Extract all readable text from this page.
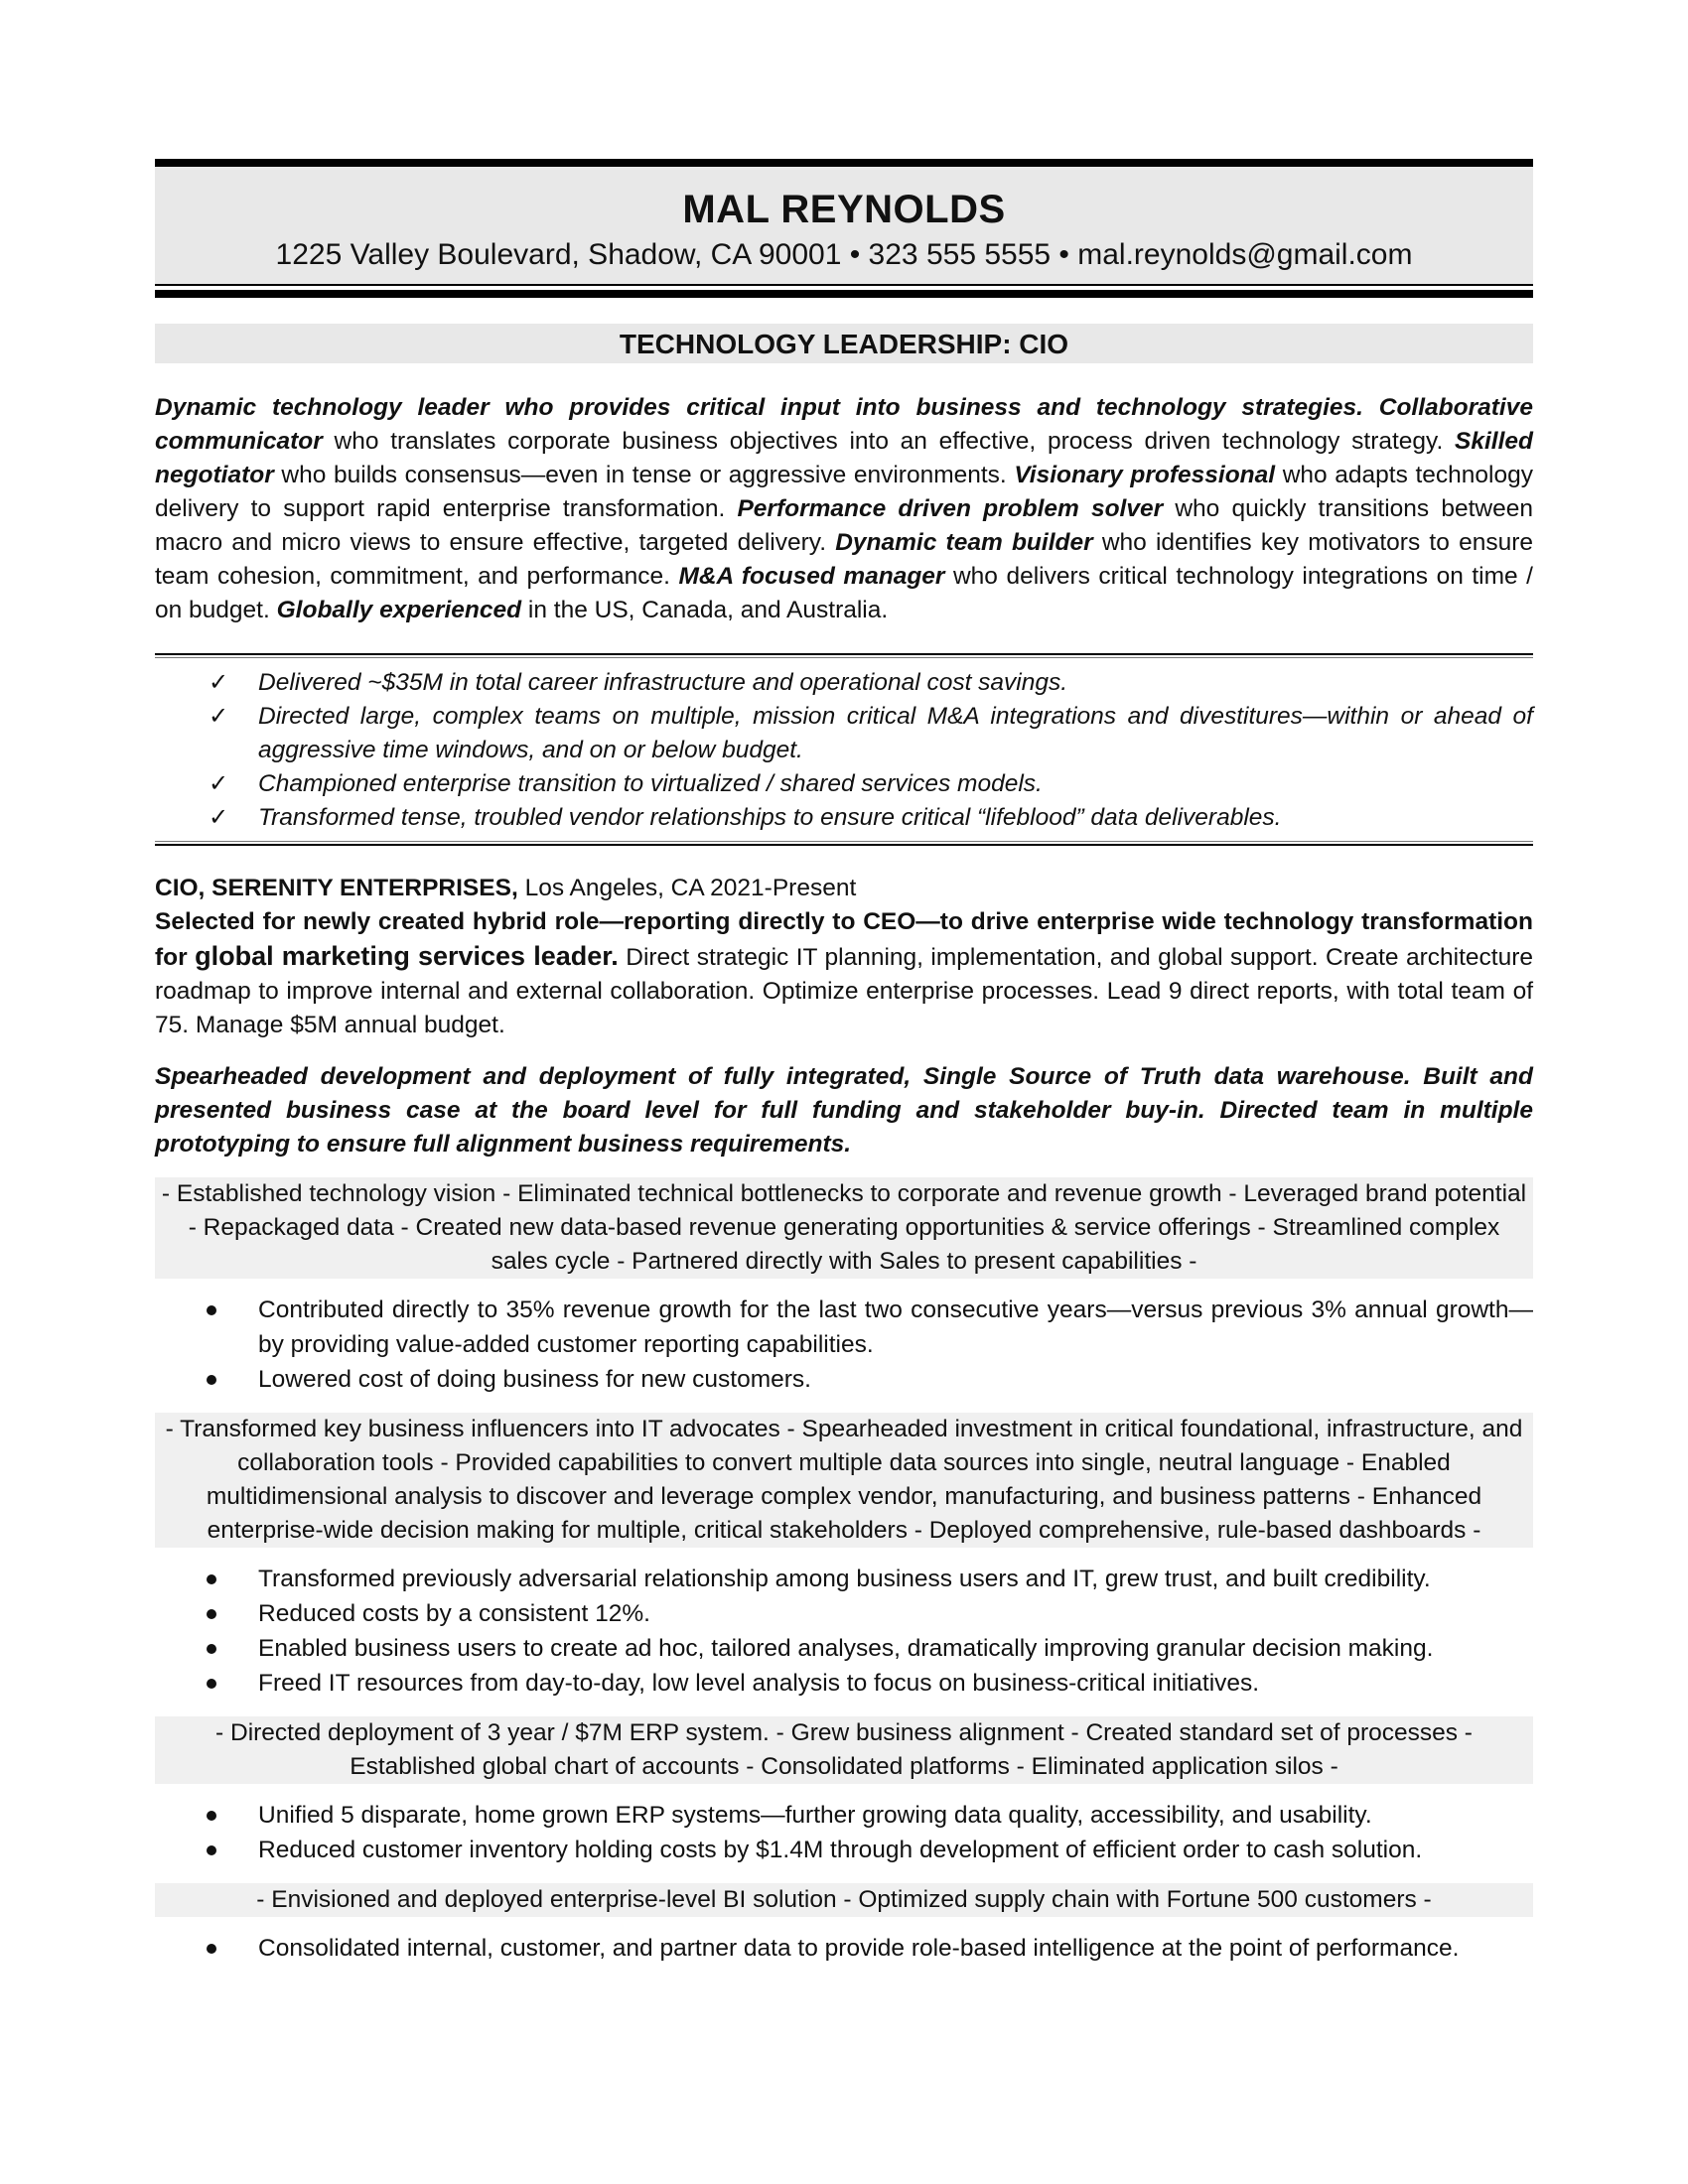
MAL REYNOLDS
1225 Valley Boulevard, Shadow, CA 90001 • 323 555 5555 • mal.reynolds@gmail.com
TECHNOLOGY LEADERSHIP: CIO
Dynamic technology leader who provides critical input into business and technology strategies. Collaborative communicator who translates corporate business objectives into an effective, process driven technology strategy. Skilled negotiator who builds consensus—even in tense or aggressive environments. Visionary professional who adapts technology delivery to support rapid enterprise transformation. Performance driven problem solver who quickly transitions between macro and micro views to ensure effective, targeted delivery. Dynamic team builder who identifies key motivators to ensure team cohesion, commitment, and performance. M&A focused manager who delivers critical technology integrations on time / on budget. Globally experienced in the US, Canada, and Australia.
✓ Delivered ~$35M in total career infrastructure and operational cost savings.
✓ Directed large, complex teams on multiple, mission critical M&A integrations and divestitures—within or ahead of aggressive time windows, and on or below budget.
✓ Championed enterprise transition to virtualized / shared services models.
✓ Transformed tense, troubled vendor relationships to ensure critical “lifeblood” data deliverables.
CIO, SERENITY ENTERPRISES, Los Angeles, CA 2021-Present
Selected for newly created hybrid role—reporting directly to CEO—to drive enterprise wide technology transformation for global marketing services leader. Direct strategic IT planning, implementation, and global support. Create architecture roadmap to improve internal and external collaboration. Optimize enterprise processes. Lead 9 direct reports, with total team of 75. Manage $5M annual budget.
Spearheaded development and deployment of fully integrated, Single Source of Truth data warehouse. Built and presented business case at the board level for full funding and stakeholder buy-in. Directed team in multiple prototyping to ensure full alignment business requirements.
- Established technology vision - Eliminated technical bottlenecks to corporate and revenue growth - Leveraged brand potential - Repackaged data - Created new data-based revenue generating opportunities & service offerings - Streamlined complex sales cycle - Partnered directly with Sales to present capabilities -
Contributed directly to 35% revenue growth for the last two consecutive years—versus previous 3% annual growth—by providing value-added customer reporting capabilities.
Lowered cost of doing business for new customers.
- Transformed key business influencers into IT advocates - Spearheaded investment in critical foundational, infrastructure, and collaboration tools - Provided capabilities to convert multiple data sources into single, neutral language - Enabled multidimensional analysis to discover and leverage complex vendor, manufacturing, and business patterns - Enhanced enterprise-wide decision making for multiple, critical stakeholders - Deployed comprehensive, rule-based dashboards -
Transformed previously adversarial relationship among business users and IT, grew trust, and built credibility.
Reduced costs by a consistent 12%.
Enabled business users to create ad hoc, tailored analyses, dramatically improving granular decision making.
Freed IT resources from day-to-day, low level analysis to focus on business-critical initiatives.
- Directed deployment of 3 year / $7M ERP system. - Grew business alignment - Created standard set of processes - Established global chart of accounts - Consolidated platforms - Eliminated application silos -
Unified 5 disparate, home grown ERP systems—further growing data quality, accessibility, and usability.
Reduced customer inventory holding costs by $1.4M through development of efficient order to cash solution.
- Envisioned and deployed enterprise-level BI solution - Optimized supply chain with Fortune 500 customers -
Consolidated internal, customer, and partner data to provide role-based intelligence at the point of performance.
